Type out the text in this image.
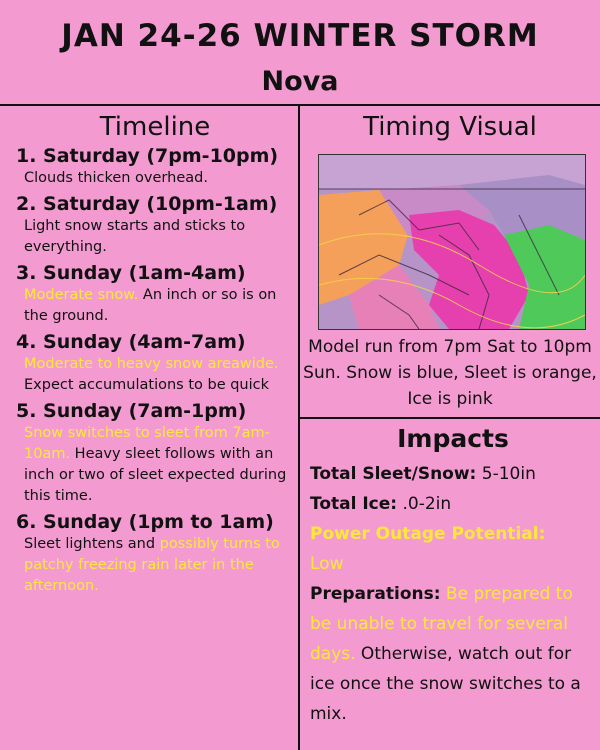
JAN 24-26 WINTER STORM
Nova
Timeline

1. Saturday (7pm-10pm)

Clouds thicken overhead.

2. Saturday (10pm-1am)

Light snow starts and sticks to everything.

3. Sunday (1am-4am)

Moderate snow. An inch or so is on the ground.

4. Sunday (4am-7am)

Moderate to heavy snow areawide. Expect accumulations to be quick

5. Sunday (7am-1pm)

Snow switches to sleet from 7am-10am. Heavy sleet follows with an inch or two of sleet expected during this time.

6. Sunday (1pm to 1am)

Sleet lightens and possibly turns to patchy freezing rain later in the afternoon.

Timing Visual
Model run from 7pm Sat to 10pm Sun. Snow is blue, Sleet is orange, Ice is pink
Impacts

Total Sleet/Snow: 5-10in

Total Ice: .0-2in

Power Outage Potential:

Low

Preparations: Be prepared to be unable to travel for several days. Otherwise, watch out for ice once the snow switches to a mix.
